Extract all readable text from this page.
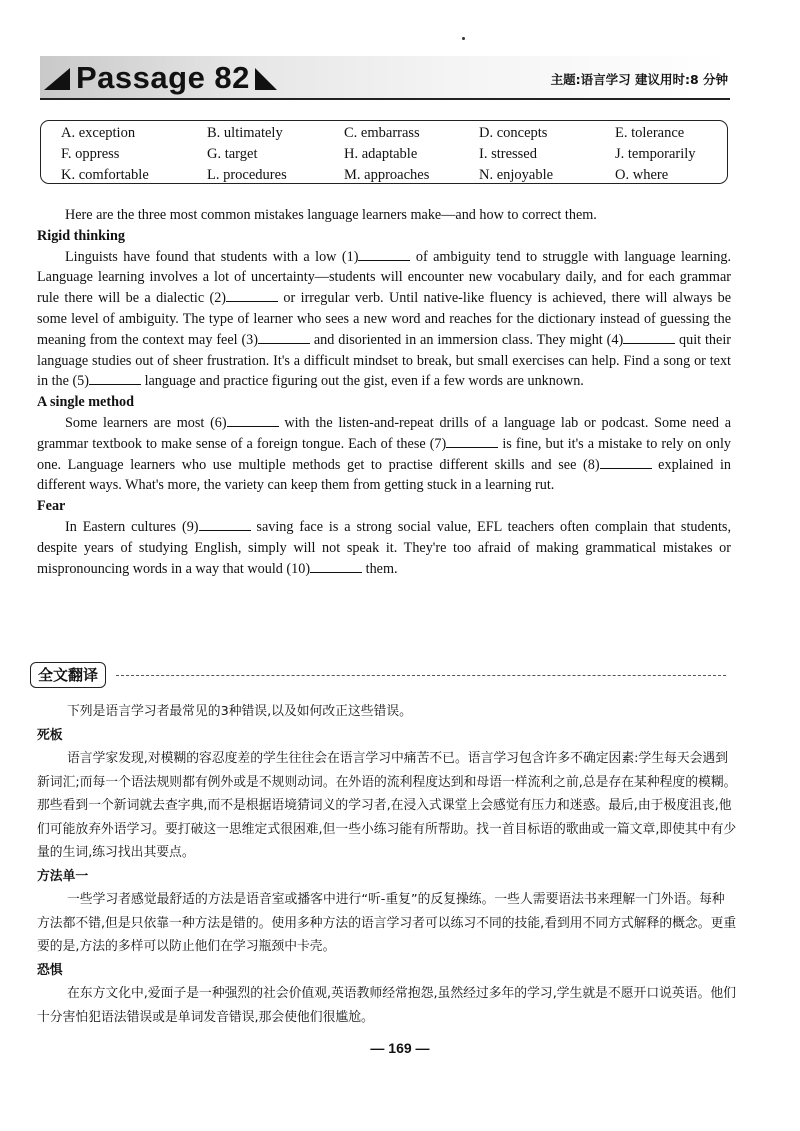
Passage 82	主题:语言学习 建议用时:8 分钟
A. exception	B. ultimately	C. embarrass	D. concepts	E. tolerance
F. oppress	G. target	H. adaptable	I. stressed	J. temporarily
K. comfortable	L. procedures	M. approaches	N. enjoyable	O. where

Here are the three most common mistakes language learners make—and how to correct them.

Rigid thinking

Linguists have found that students with a low (1)	of ambiguity tend to struggle with language learning. Language learning involves a lot of uncertainty—students will encounter new vocabulary daily, and for each grammar rule there will be a dialectic (2)	or irregular verb. Until native-like fluency is achieved, there will always be some level of ambiguity. The type of learner who sees a new word and reaches for the dictionary instead of guessing the meaning from the context may feel (3)	and disoriented in an immersion class. They might (4)	quit their language studies out of sheer frustration. It's a difficult mindset to break, but small exercises can help. Find a song or text in the (5)	language and practice figuring out the gist, even if a few words are unknown.

A single method

Some learners are most (6)	with the listen-and-repeat drills of a language lab or podcast. Some need a grammar textbook to make sense of a foreign tongue. Each of these (7)	is fine, but it's a mistake to rely on only one. Language learners who use multiple methods get to practise different skills and see (8)	explained in different ways. What's more, the variety can keep them from getting stuck in a learning rut.

Fear

In Eastern cultures (9)	saving face is a strong social value, EFL teachers often complain that students, despite years of studying English, simply will not speak it. They're too afraid of making grammatical mistakes or mispronouncing words in a way that would (10)	them.

全文翻译

下列是语言学习者最常见的3种错误,以及如何改正这些错误。

死板

语言学家发现,对模糊的容忍度差的学生往往会在语言学习中痛苦不已。语言学习包含许多不确定因素:学生每天会遇到新词汇;而每一个语法规则都有例外或是不规则动词。在外语的流利程度达到和母语一样流利之前,总是存在某种程度的模糊。那些看到一个新词就去查字典,而不是根据语境猜词义的学习者,在浸入式课堂上会感觉有压力和迷惑。最后,由于极度沮丧,他们可能放弃外语学习。要打破这一思维定式很困难,但一些小练习能有所帮助。找一首目标语的歌曲或一篇文章,即使其中有少量的生词,练习找出其要点。

方法单一

一些学习者感觉最舒适的方法是语音室或播客中进行“听-重复”的反复操练。一些人需要语法书来理解一门外语。每种方法都不错,但是只依靠一种方法是错的。使用多种方法的语言学习者可以练习不同的技能,看到用不同方式解释的概念。更重要的是,方法的多样可以防止他们在学习瓶颈中卡壳。

恐惧

在东方文化中,爱面子是一种强烈的社会价值观,英语教师经常抱怨,虽然经过多年的学习,学生就是不愿开口说英语。他们十分害怕犯语法错误或是单词发音错误,那会使他们很尴尬。

— 169 —
